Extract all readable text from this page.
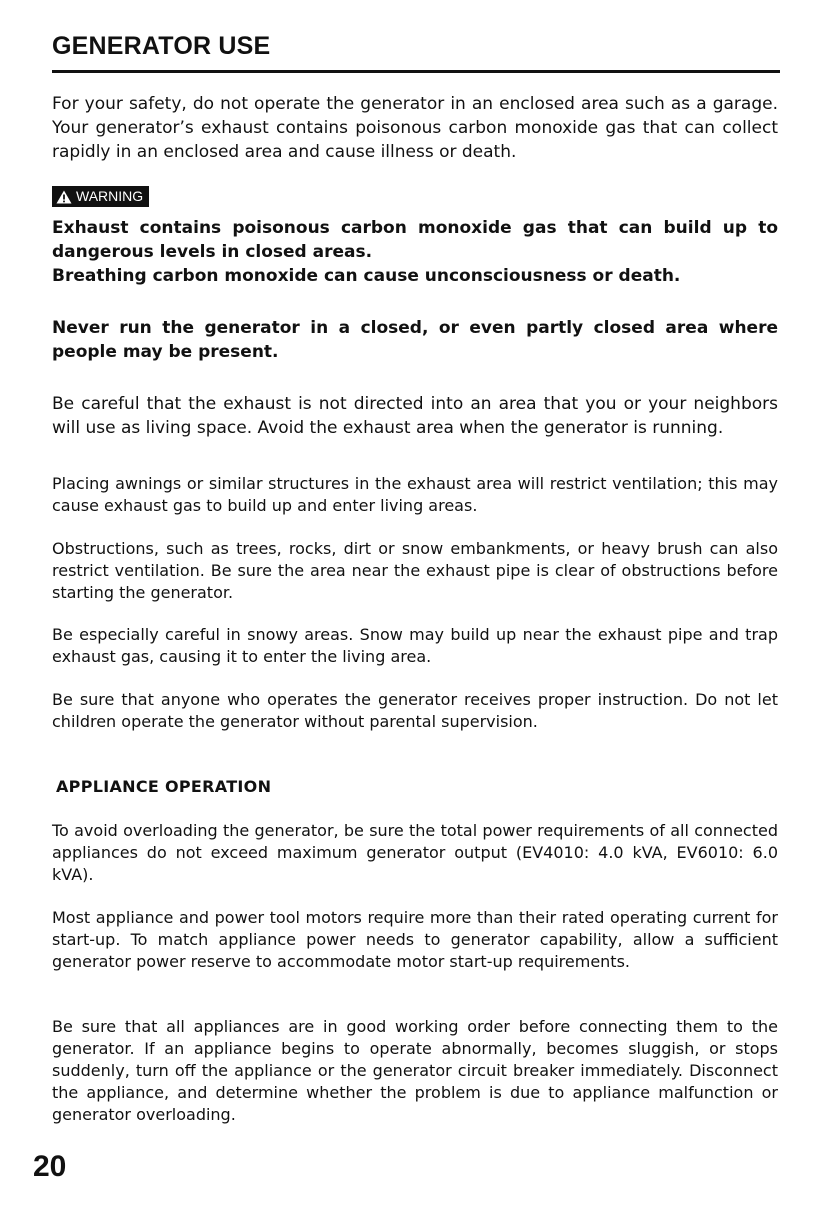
GENERATOR USE

For your safety, do not operate the generator in an enclosed area such as a garage. Your generator’s exhaust contains poisonous carbon monoxide gas that can collect rapidly in an enclosed area and cause illness or death.

WARNING

Exhaust contains poisonous carbon monoxide gas that can build up to dangerous levels in closed areas.

Breathing carbon monoxide can cause unconsciousness or death.

Never run the generator in a closed, or even partly closed area where people may be present.

Be careful that the exhaust is not directed into an area that you or your neighbors will use as living space. Avoid the exhaust area when the generator is running.

Placing awnings or similar structures in the exhaust area will restrict ventilation; this may cause exhaust gas to build up and enter living areas.

Obstructions, such as trees, rocks, dirt or snow embankments, or heavy brush can also restrict ventilation. Be sure the area near the exhaust pipe is clear of obstructions before starting the generator.

Be especially careful in snowy areas. Snow may build up near the exhaust pipe and trap exhaust gas, causing it to enter the living area.

Be sure that anyone who operates the generator receives proper instruction. Do not let children operate the generator without parental supervision.

APPLIANCE OPERATION

To avoid overloading the generator, be sure the total power requirements of all connected appliances do not exceed maximum generator output (EV4010: 4.0 kVA, EV6010: 6.0 kVA).

Most appliance and power tool motors require more than their rated operating current for start-up. To match appliance power needs to generator capability, allow a sufficient generator power reserve to accommodate motor start-up requirements.

Be sure that all appliances are in good working order before connecting them to the generator. If an appliance begins to operate abnormally, becomes sluggish, or stops suddenly, turn off the appliance or the generator circuit breaker immediately. Disconnect the appliance, and determine whether the problem is due to appliance malfunction or generator overloading.

20
